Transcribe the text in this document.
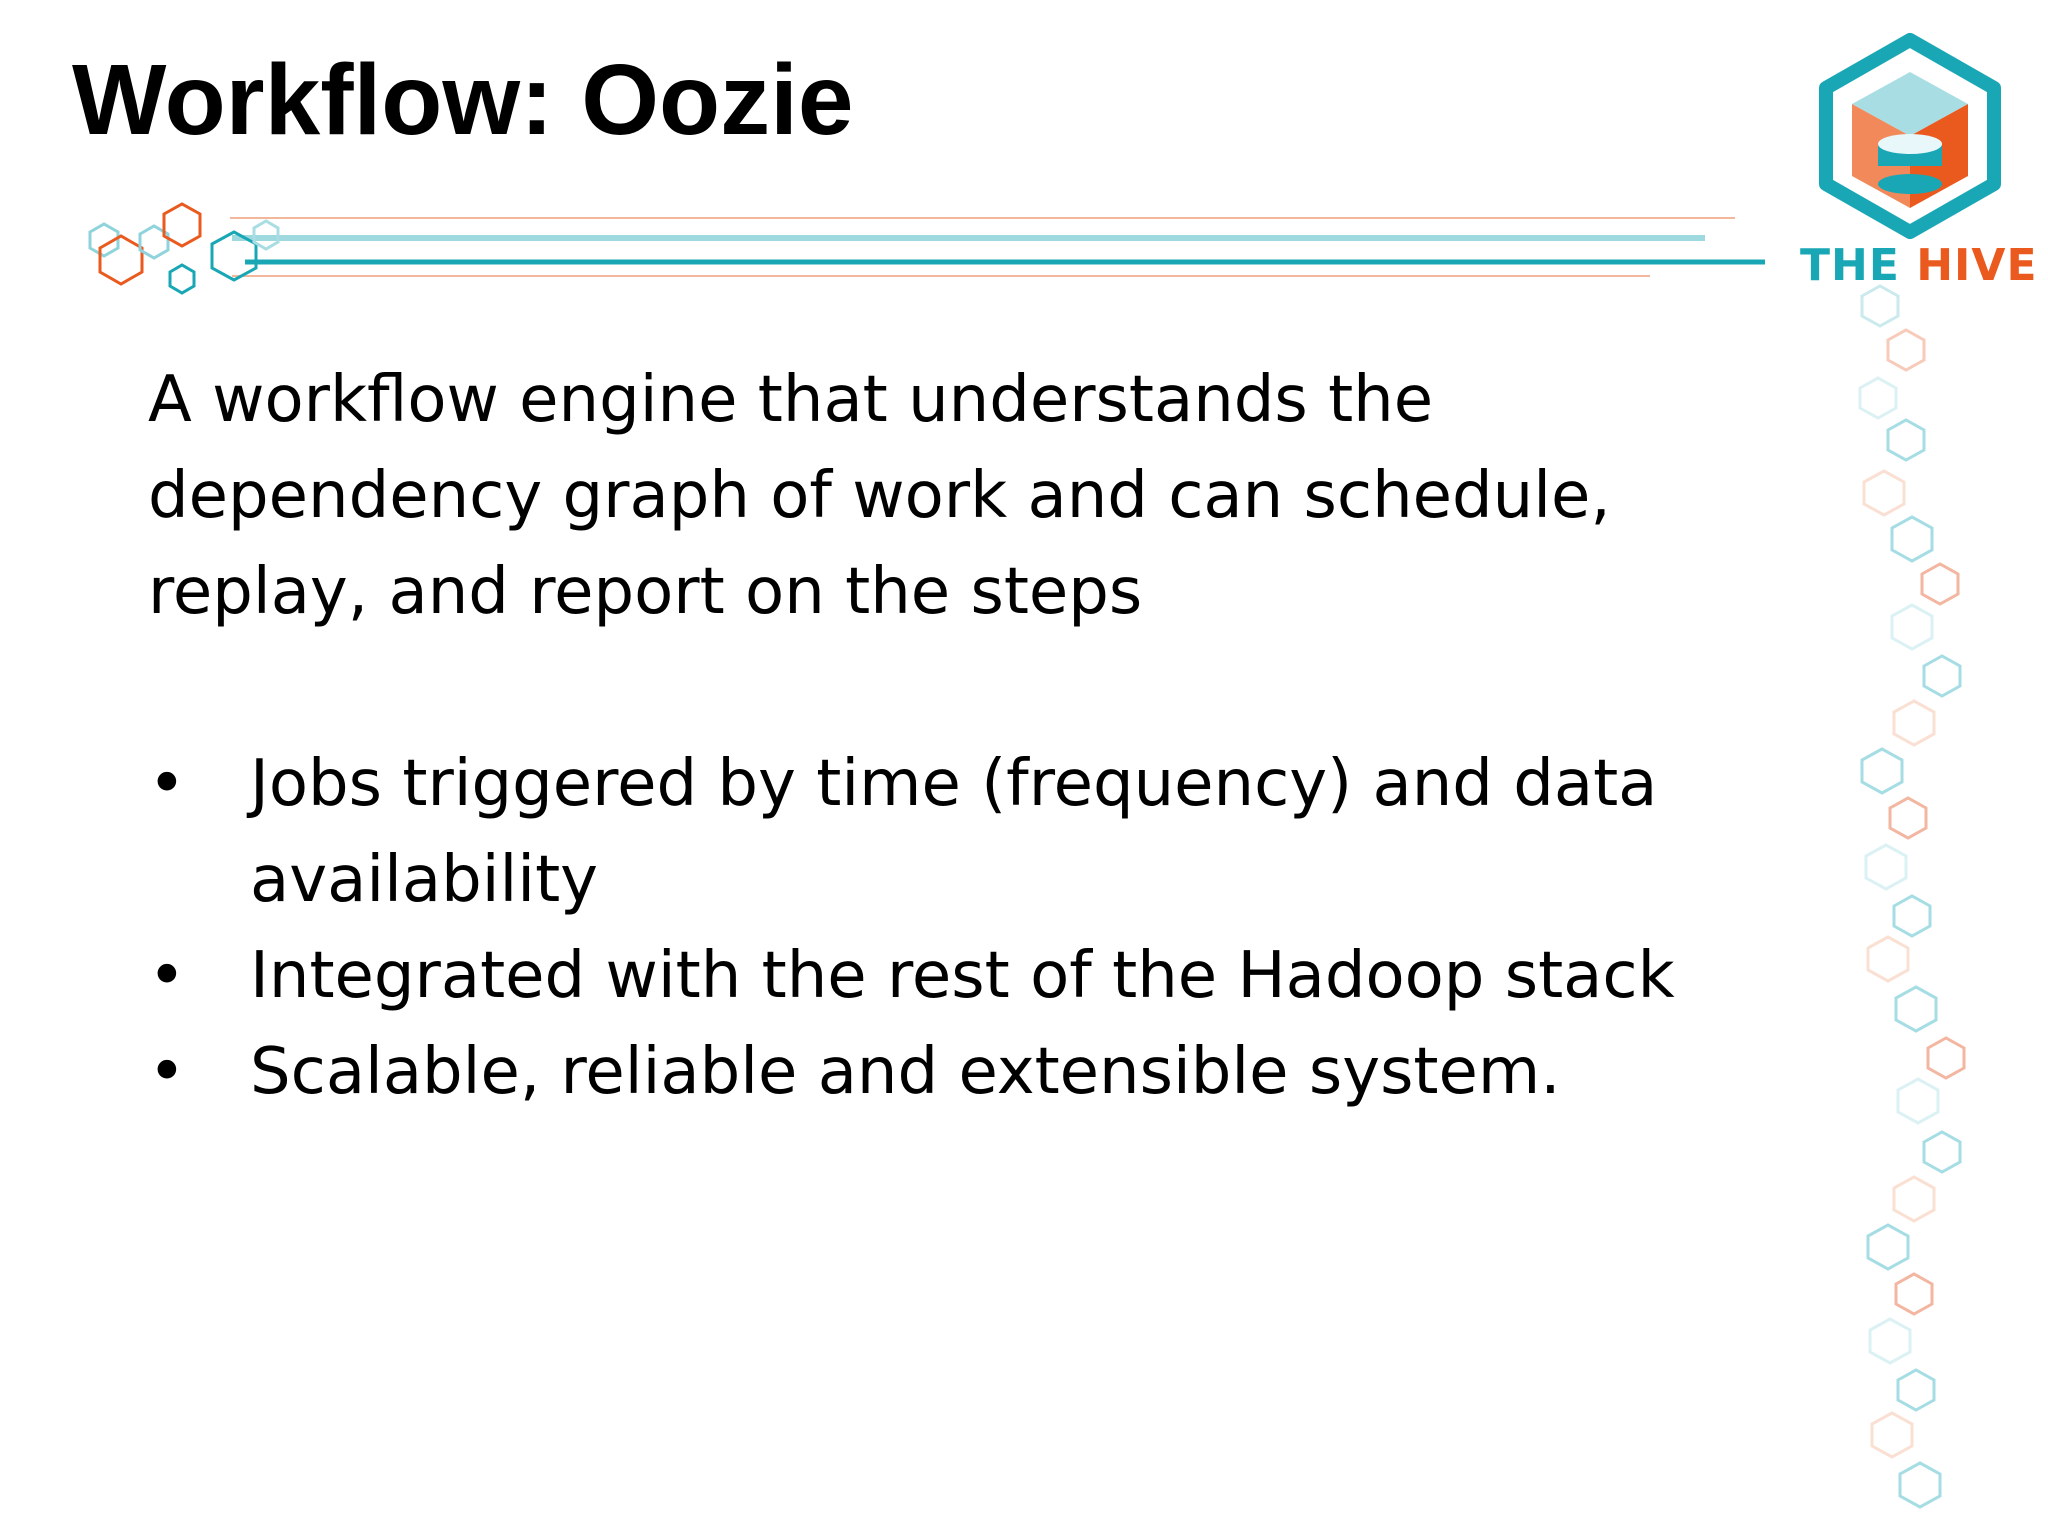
Workflow: Oozie
THE HIVE

A workflow engine that understands the dependency graph of work and can schedule, replay, and report on the steps

• Jobs triggered by time (frequency) and data availability
• Integrated with the rest of the Hadoop stack
• Scalable, reliable and extensible system.
